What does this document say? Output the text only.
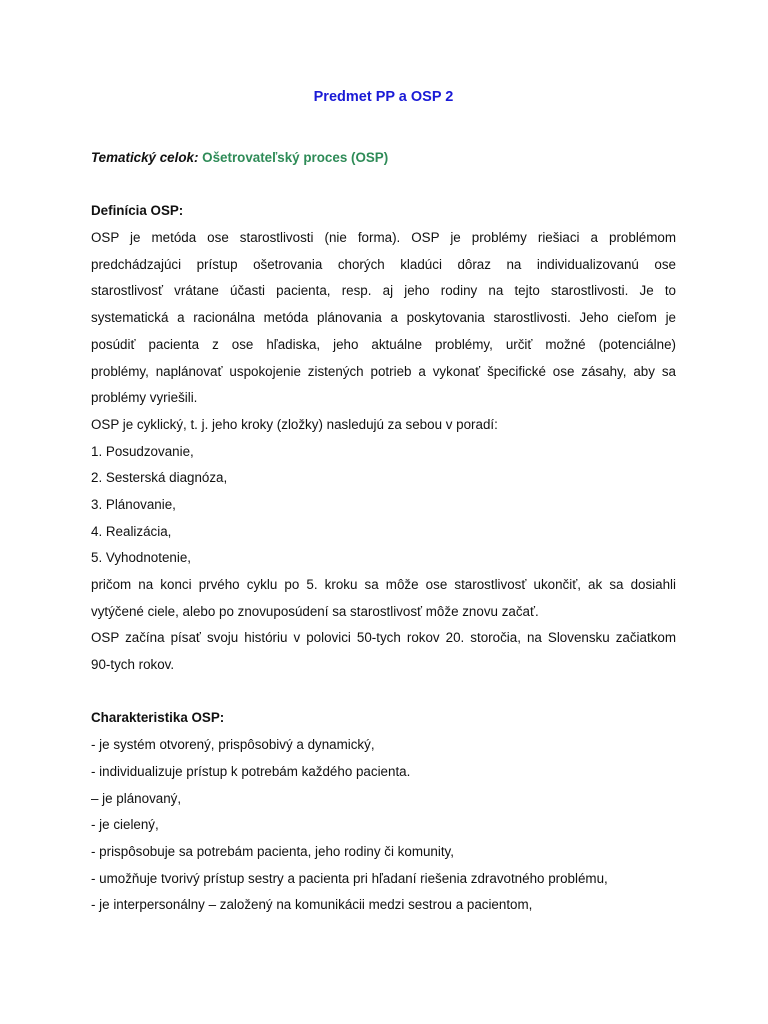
Predmet PP a OSP 2
Tematický celok: Ošetrovateľský proces (OSP)
Definícia OSP:
OSP je metóda ose starostlivosti (nie forma). OSP je problémy riešiaci a problémom
predchádzajúci prístup ošetrovania chorých kladúci dôraz na individualizovanú ose
starostlivosť vrátane účasti pacienta, resp. aj jeho rodiny na tejto starostlivosti. Je to
systematická a racionálna metóda plánovania a poskytovania starostlivosti. Jeho cieľom je
posúdiť pacienta z ose hľadiska, jeho aktuálne problémy, určiť možné (potenciálne)
problémy, naplánovať uspokojenie zistených potrieb a vykonať špecifické ose zásahy, aby sa
problémy vyriešili.
OSP je cyklický, t. j. jeho kroky (zložky) nasledujú za sebou v poradí:
1. Posudzovanie,
2. Sesterská diagnóza,
3. Plánovanie,
4. Realizácia,
5. Vyhodnotenie,
pričom na konci prvého cyklu po 5. kroku sa môže ose starostlivosť ukončiť, ak sa dosiahli
vytýčené ciele, alebo po znovuposúdení sa starostlivosť môže znovu začať.
OSP začína písať svoju históriu v polovici 50-tych rokov 20. storočia, na Slovensku začiatkom
90-tych rokov.
Charakteristika OSP:
- je systém otvorený, prispôsobivý a dynamický,
- individualizuje prístup k potrebám každého pacienta.
– je plánovaný,
- je cielený,
- prispôsobuje sa potrebám pacienta, jeho rodiny či komunity,
- umožňuje tvorivý prístup sestry a pacienta pri hľadaní riešenia zdravotného problému,
- je interpersonálny – založený na komunikácii medzi sestrou a pacientom,
